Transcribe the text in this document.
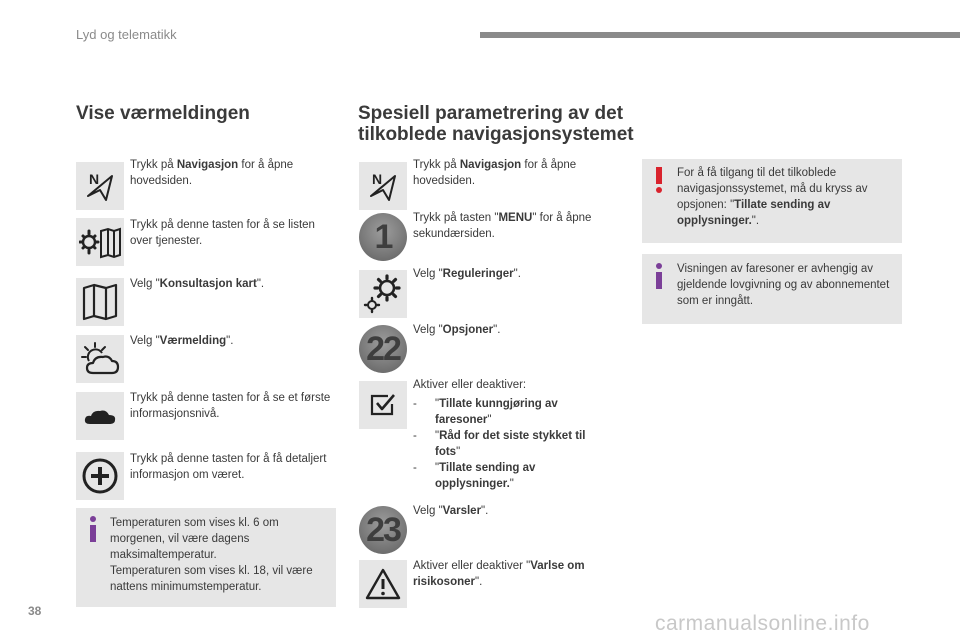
Lyd og telematikk
Vise værmeldingen
N
Trykk på Navigasjon for å åpne hovedsiden.
Trykk på denne tasten for å se listen over tjenester.
Velg "Konsultasjon kart".
Velg "Værmelding".
Trykk på denne tasten for å se et første informasjonsnivå.
Trykk på denne tasten for å få detaljert informasjon om været.
Temperaturen som vises kl. 6 om morgenen, vil være dagens maksimaltemperatur.
Temperaturen som vises kl. 18, vil være nattens minimumstemperatur.
Spesiell parametrering av det
tilkoblede navigasjonsystemet
N
Trykk på Navigasjon for å åpne hovedsiden.
1 Trykk på tasten "MENU" for å åpne sekundærsiden.
Velg "Reguleringer".
22 Velg "Opsjoner".
Aktiver eller deaktiver:
-	"Tillate kunngjøring av faresoner"
-	"Råd for det siste stykket til fots"
-	"Tillate sending av opplysninger."
23 Velg "Varsler".
Aktiver eller deaktiver "Varlse om risikosoner".
For å få tilgang til det tilkoblede navigasjonssystemet, må du kryss av opsjonen: "Tillate sending av opplysninger.".
Visningen av faresoner er avhengig av gjeldende lovgivning og av abonnementet som er inngått.
38
carmanualsonline.info
